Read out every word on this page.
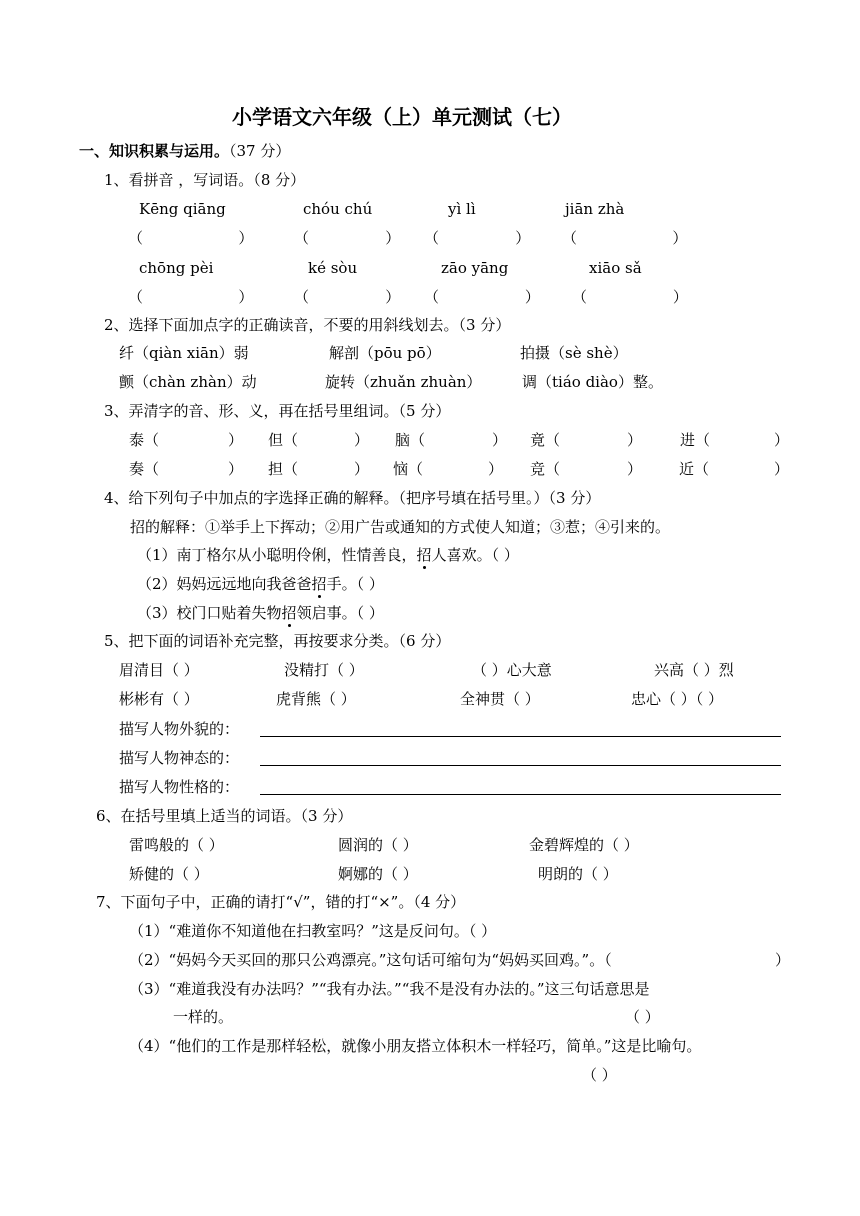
小学语文六年级（上）单元测试（七）
一、知识积累与运用。（37 分）
1、看拼音 ，写词语。（8 分）
Kēng qiāng	chóu chú	yì lì	jiān zhà
（                    ）	（                ） （                ） （                    ）
chōng pèi	ké sòu	zāo yāng	xiāo sǎ
（                    ）	（                ） （                  ） （                  ）
2、选择下面加点字的正确读音，不要的用斜线划去。（3 分）
纤（qiàn xiān）弱	解剖（pōu pō）	拍摄（sè shè）
颤（chàn zhàn）动	旋转（zhuǎn zhuàn）	调（tiáo diào）整。
3、弄清字的音、形、义，再在括号里组词。（5 分）
泰（	） 但（	） 脑（	） 竟（	）	进（	）
奏（	） 担（	） 恼（	） 竞（	） 近（	）
4、给下列句子中加点的字选择正确的解释。（把序号填在括号里。）（3 分）
招的解释：①举手上下挥动；②用广告或通知的方式使人知道；③惹；④引来的。
（1）南丁格尔从小聪明伶俐，性情善良，招人喜欢。（ ）
（2）妈妈远远地向我爸爸招手。（ ）
（3）校门口贴着失物招领启事。（ ）
5、把下面的词语补充完整，再按要求分类。（6 分）
眉清目（ ）	没精打（ ）	（ ）心大意	兴高（ ）烈
彬彬有（ ）	虎背熊（ ）	全神贯（ ）	忠心（ ）（ ）
描写人物外貌的：
描写人物神态的：
描写人物性格的：
6、在括号里填上适当的词语。（3 分）
雷鸣般的（ ）	圆润的（ ）	金碧辉煌的（ ）
矫健的（ ）	婀娜的（ ）	明朗的（ ）
7、下面句子中，正确的请打“√”，错的打“×”。（4 分）
（1）“难道你不知道他在扫教室吗？”这是反问句。（ ）
（2）“妈妈今天买回的那只公鸡漂亮。”这句话可缩句为“妈妈买回鸡。”。（	）
（3）“难道我没有办法吗？”“我有办法。”“我不是没有办法的。”这三句话意思是
一样的。	（ ）
（4）“他们的工作是那样轻松，就像小朋友搭立体积木一样轻巧，简单。”这是比喻句。
（ ）
